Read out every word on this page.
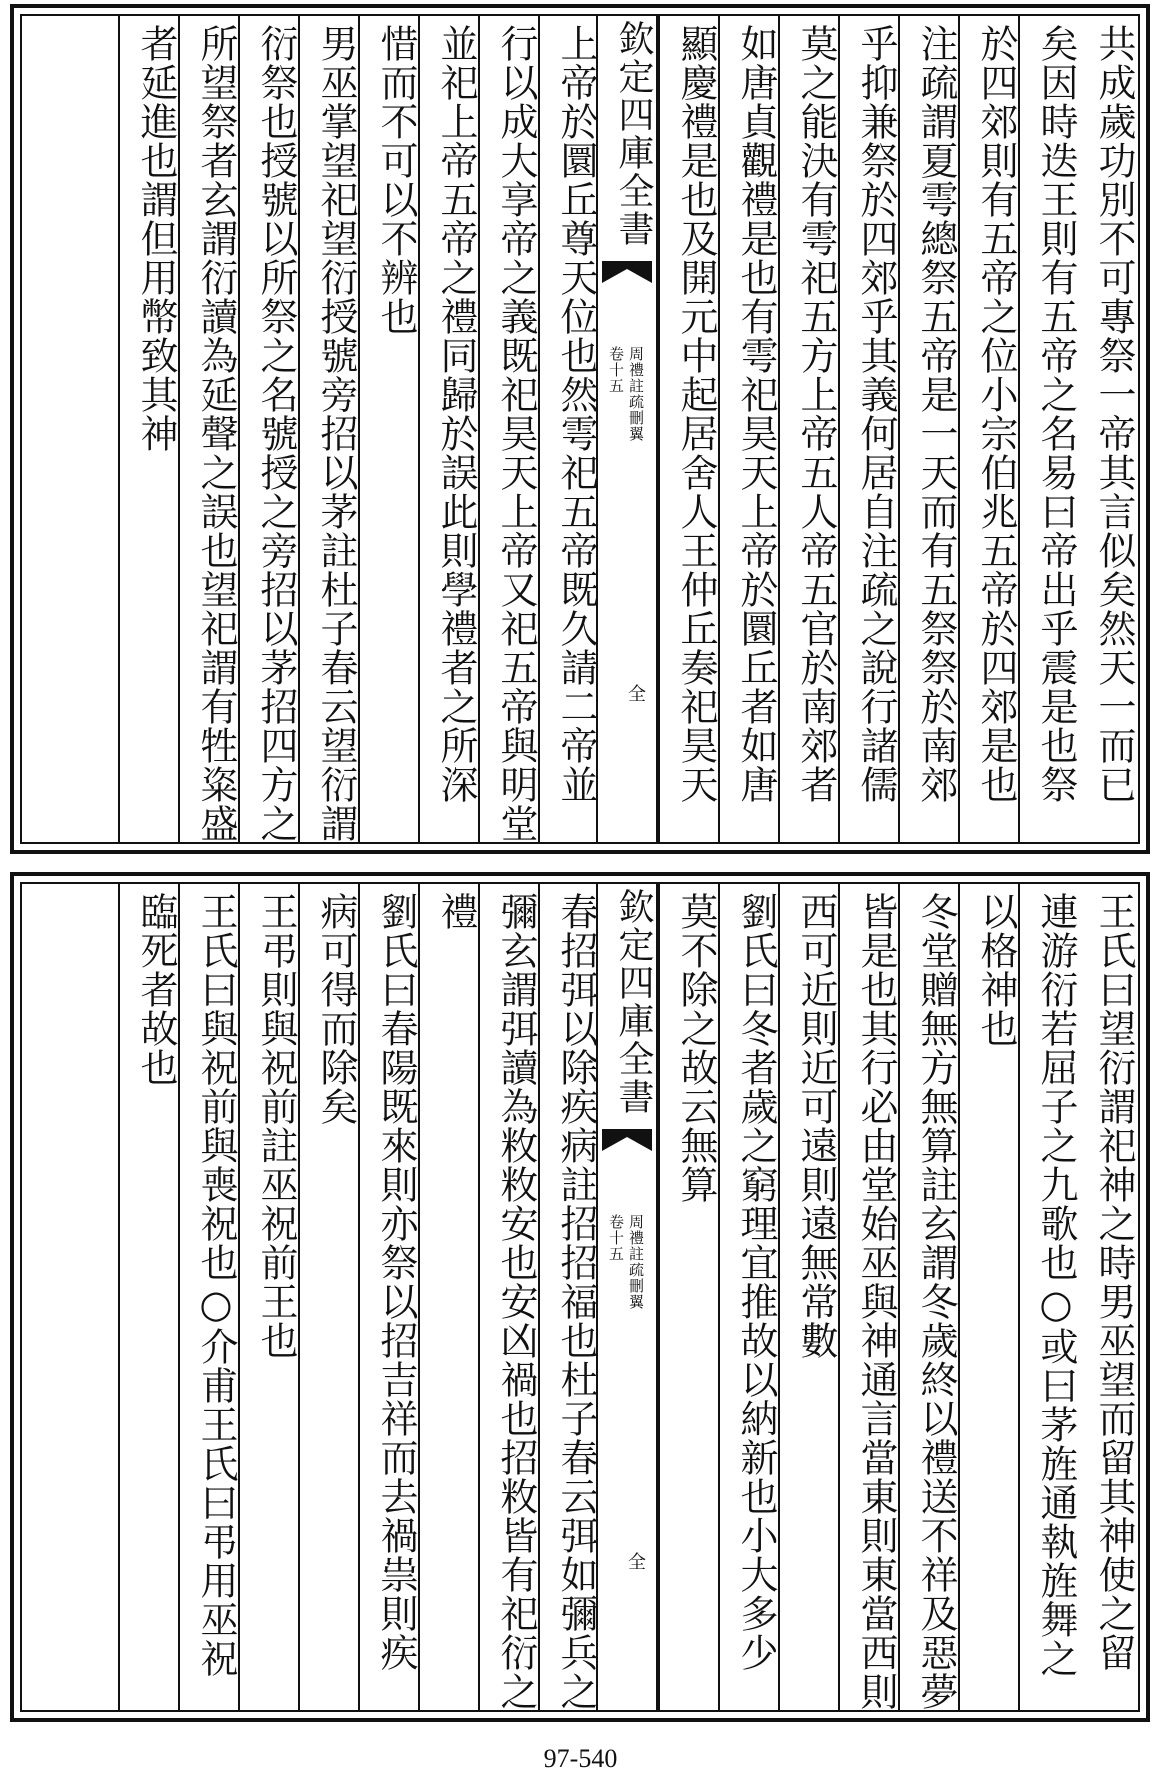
共成歲功別不可專祭一帝其言似矣然天一而已
矣因時迭王則有五帝之名易曰帝出乎震是也祭
於四郊則有五帝之位小宗伯兆五帝於四郊是也
注疏謂夏雩總祭五帝是一天而有五祭祭於南郊
乎抑兼祭於四郊乎其義何居自注疏之說行諸儒
莫之能決有雩祀五方上帝五人帝五官於南郊者
如唐貞觀禮是也有雩祀昊天上帝於圜丘者如唐
顯慶禮是也及開元中起居舍人王仲丘奏祀昊天
欽定四庫全書
周禮註疏刪翼
卷十五
全
上帝於圜丘尊天位也然雩祀五帝既久請二帝並
行以成大享帝之義既祀昊天上帝又祀五帝與明堂
並祀上帝五帝之禮同歸於誤此則學禮者之所深
惜而不可以不辨也
男巫掌望祀望衍授號旁招以茅註杜子春云望衍謂
衍祭也授號以所祭之名號授之旁招以茅招四方之
所望祭者玄謂衍讀為延聲之誤也望祀謂有牲粢盛
者延進也謂但用幣致其神
王氏曰望衍謂祀神之時男巫望而留其神使之留
連游衍若屈子之九歌也○或曰茅旌通執旌舞之
以格神也
冬堂贈無方無算註玄謂冬歲終以禮送不祥及惡夢
皆是也其行必由堂始巫與神通言當東則東當西則
西可近則近可遠則遠無常數
劉氏曰冬者歲之窮理宜推故以納新也小大多少
莫不除之故云無算
欽定四庫全書
周禮註疏刪翼
卷十五
全
春招弭以除疾病註招招福也杜子春云弭如彌兵之
彌玄謂弭讀為敉敉安也安凶禍也招敉皆有祀衍之
禮
劉氏曰春陽既來則亦祭以招吉祥而去禍祟則疾
病可得而除矣
王弔則與祝前註巫祝前王也
王氏曰與祝前與喪祝也○介甫王氏曰弔用巫祝
臨死者故也
97-540
